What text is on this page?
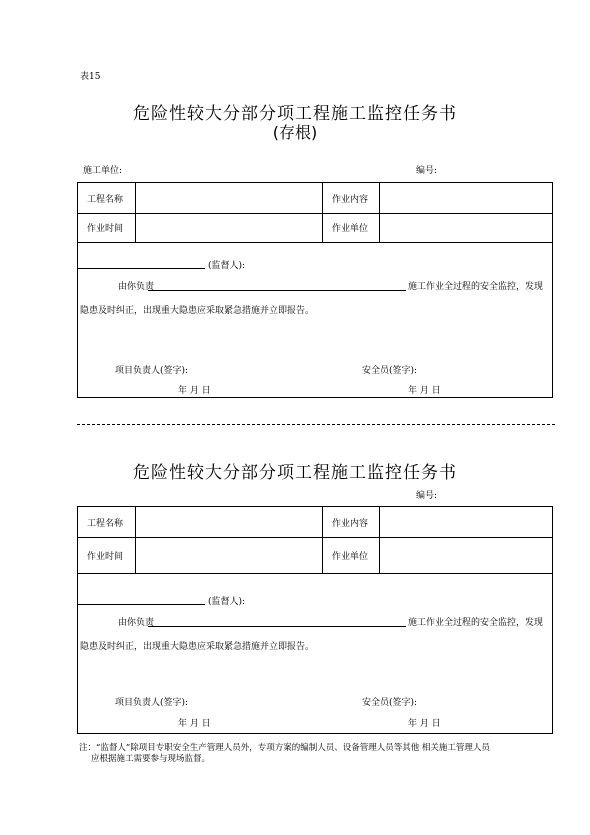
表15
危险性较大分部分项工程施工监控任务书
(存根)
施工单位:	编号:
工程名称	作业内容
作业时间	作业单位
(监督人):
由你负责	施工作业全过程的安全监控，发现
隐患及时纠正，出现重大隐患应采取紧急措施并立即报告。
项目负责人(签字):	安全员(签字):
年 月 日	年 月 日
危险性较大分部分项工程施工监控任务书
编号:
工程名称	作业内容
作业时间	作业单位
(监督人):
由你负责	施工作业全过程的安全监控，发现
隐患及时纠正，出现重大隐患应采取紧急措施并立即报告。
项目负责人(签字):	安全员(签字):
年 月 日	年 月 日
注：“监督人”除项目专职安全生产管理人员外，专项方案的编制人员、设备管理人员等其他 相关施工管理人员
应根据施工需要参与现场监督。
